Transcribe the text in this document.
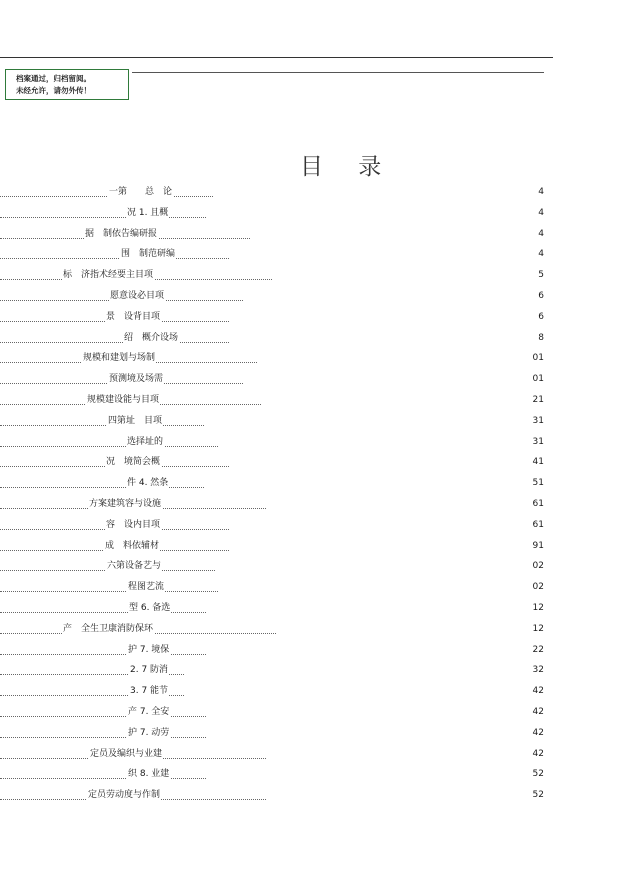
档案通过，归档留阅。
未经允许，请勿外传！
目 录
一第　　总　论	4
况 1. 且概	4
据　制依告编研报	4
围　制范研编	4
标　济指术经要主目项	5
愿意设必目项	6
景　设背目项	6
绍　概介设场	8
规模和建划与场制	01
预测境及场需	01
规模建设能与目项	21
四第址　目项	31
选择址的	31
况　境简会概	41
件 4. 然条	51
方案建筑容与设施	61
容　设内目项	61
成　料依辅材	91
六第设备艺与	02
程图艺流	02
型 6. 备选	12
产　全生卫康消防保环	12
护 7. 境保	22
2. 7 防消	32
3. 7 能节	42
产 7. 全安	42
护 7. 动劳	42
定员及编织与业建	42
织 8. 业建	52
定员劳动度与作制	52
